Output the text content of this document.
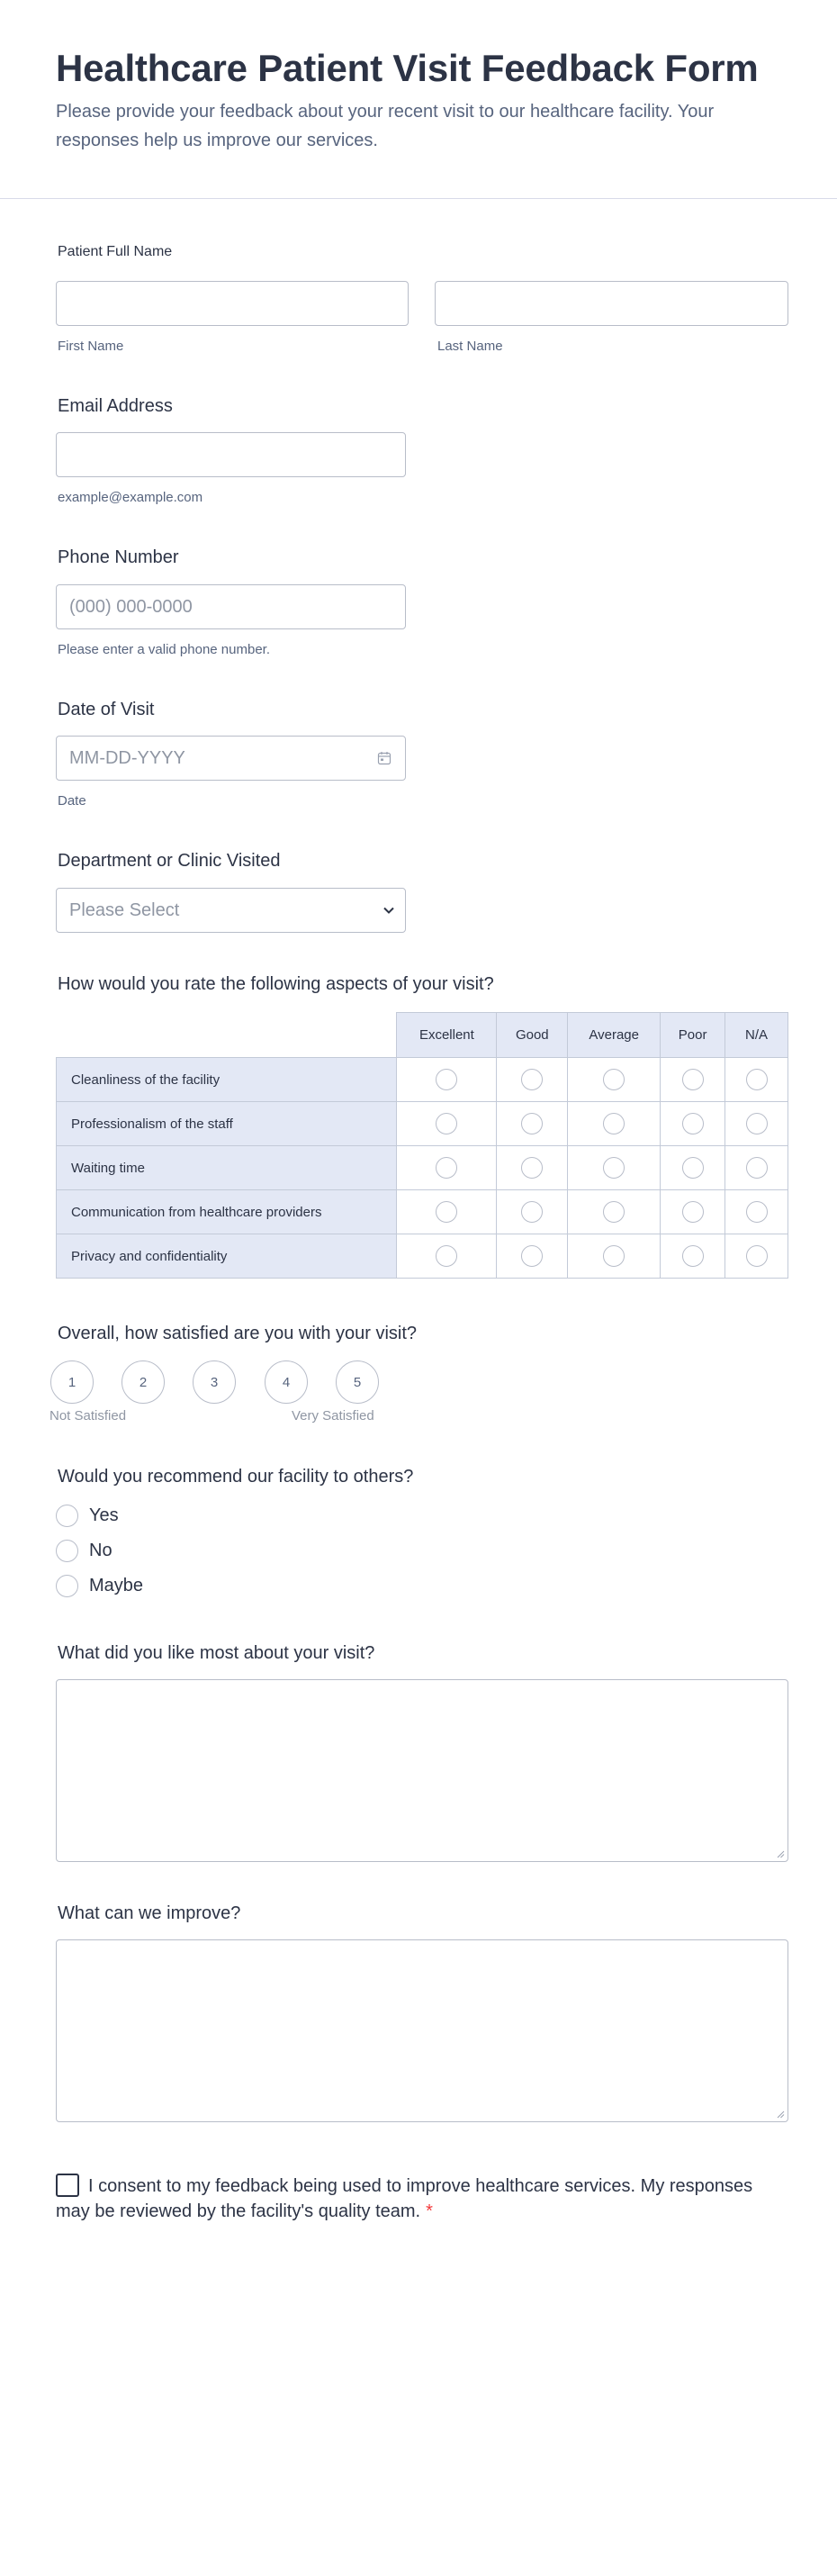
Healthcare Patient Visit Feedback Form

Please provide your feedback about your recent visit to our healthcare facility. Your responses help us improve our services.

Patient Full Name
First Name	Last Name
Email Address
example@example.com
Phone Number
(000) 000-0000
Please enter a valid phone number.
Date of Visit
MM-DD-YYYY
Date
Department or Clinic Visited
Please Select
How would you rate the following aspects of your visit?
	Excellent	Good	Average	Poor	N/A
Cleanliness of the facility					
Professionalism of the staff					
Waiting time					
Communication from healthcare providers					
Privacy and confidentiality					
Overall, how satisfied are you with your visit?
1	2	3	4	5
Not Satisfied	Very Satisfied
Would you recommend our facility to others?
Yes
No
Maybe
What did you like most about your visit?
What can we improve?
I consent to my feedback being used to improve healthcare services. My responses may be reviewed by the facility's quality team. *
